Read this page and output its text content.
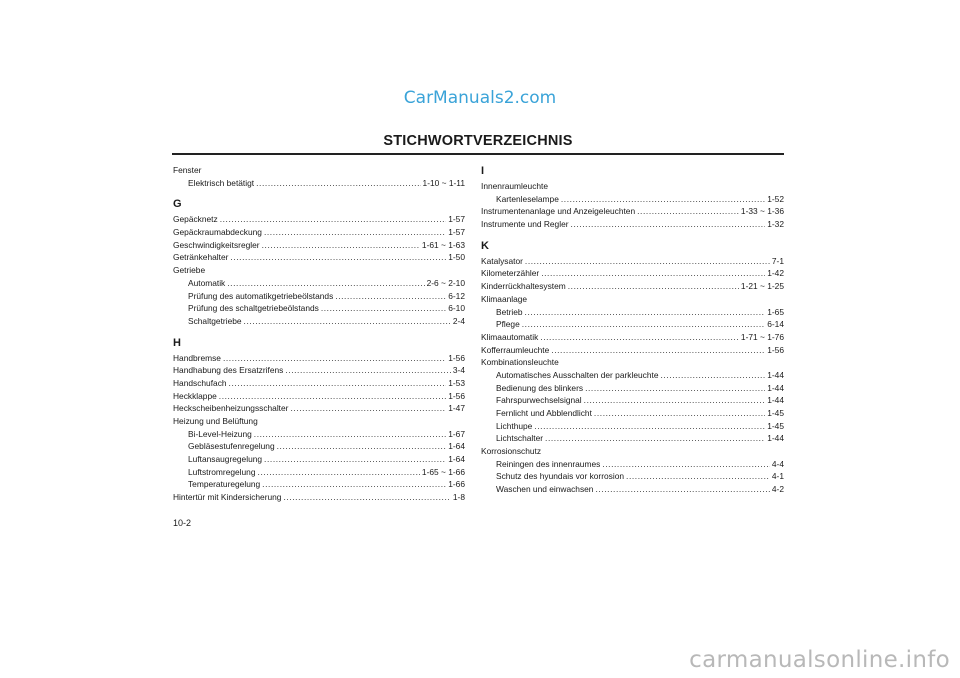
CarManuals2.com
STICHWORTVERZEICHNIS
Fenster
Elektrisch betätigt .....	1-10 ~ 1-11
G
Gepäcknetz .....	1-57
Gepäckraumabdeckung .....	1-57
Geschwindigkeitsregler .....	1-61 ~ 1-63
Getränkehalter .....	1-50
Getriebe
Automatik .....	2-6 ~ 2-10
Prüfung des automatikgetriebeölstands .....	6-12
Prüfung des schaltgetriebeölstands .....	6-10
Schaltgetriebe .....	2-4
H
Handbremse .....	1-56
Handhabung des Ersatzrifens .....	3-4
Handschufach .....	1-53
Heckklappe .....	1-56
Heckscheibenheizungsschalter .....	1-47
Heizung und Belüftung
Bi-Level-Heizung .....	1-67
Gebläsestufenregelung .....	1-64
Luftansaugregelung .....	1-64
Luftstromregelung .....	1-65 ~ 1-66
Temperaturegelung .....	1-66
Hintertür mit Kindersicherung .....	1-8
I
Innenraumleuchte
Kartenleselampe .....	1-52
Instrumentenanlage und Anzeigeleuchten .....	1-33 ~ 1-36
Instrumente und Regler .....	1-32
K
Katalysator .....	7-1
Kilometerzähler .....	1-42
Kinderrückhaltesystem .....	1-21 ~ 1-25
Klimaanlage
Betrieb .....	1-65
Pflege .....	6-14
Klimaautomatik .....	1-71 ~ 1-76
Kofferraumleuchte .....	1-56
Kombinationsleuchte
Automatisches Ausschalten der parkleuchte .....	1-44
Bedienung des blinkers .....	1-44
Fahrspurwechselsignal .....	1-44
Fernlicht und Abblendlicht .....	1-45
Lichthupe .....	1-45
Lichtschalter .....	1-44
Korrosionschutz
Reiningen des innenraumes .....	4-4
Schutz des hyundais vor korrosion .....	4-1
Waschen und einwachsen .....	4-2
10-2
carmanualsonline.info
